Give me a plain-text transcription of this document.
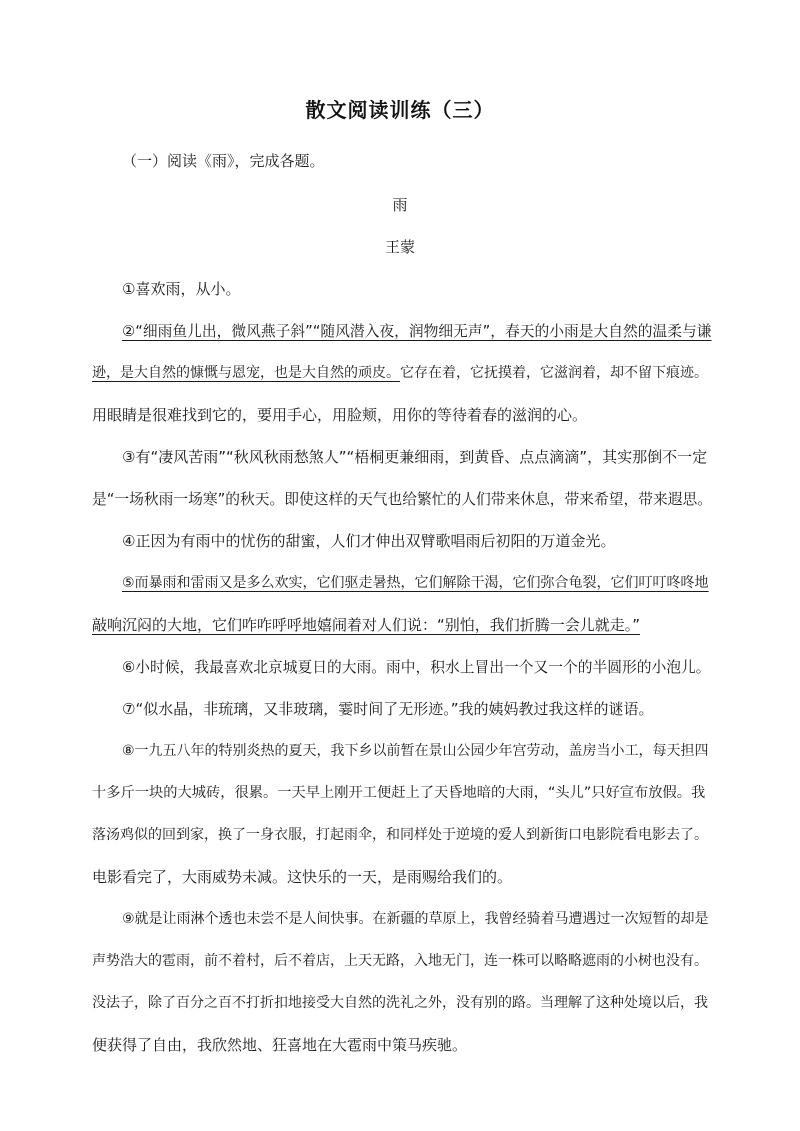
散文阅读训练（三）
（一）阅读《雨》，完成各题。
雨
王蒙
①喜欢雨，从小。
②“细雨鱼儿出，微风燕子斜”“随风潜入夜，润物细无声”，春天的小雨是大自然的温柔与谦
逊，是大自然的慷慨与恩宠，也是大自然的顽皮。它存在着，它抚摸着，它滋润着，却不留下痕迹。
用眼睛是很难找到它的，要用手心，用脸颊，用你的等待着春的滋润的心。
③有“凄风苦雨”“秋风秋雨愁煞人”“梧桐更兼细雨，到黄昏、点点滴滴”，其实那倒不一定
是“一场秋雨一场寒”的秋天。即使这样的天气也给繁忙的人们带来休息，带来希望，带来遐思。
④正因为有雨中的忧伤的甜蜜，人们才伸出双臂歌唱雨后初阳的万道金光。
⑤而暴雨和雷雨又是多么欢实，它们驱走暑热，它们解除干渴，它们弥合龟裂，它们叮叮咚咚地
敲响沉闷的大地，它们咋咋呼呼地嬉闹着对人们说：“别怕，我们折腾一会儿就走。”
⑥小时候，我最喜欢北京城夏日的大雨。雨中，积水上冒出一个又一个的半圆形的小泡儿。
⑦“似水晶，非琉璃，又非玻璃，霎时间了无形迹。”我的姨妈教过我这样的谜语。
⑧一九五八年的特别炎热的夏天，我下乡以前暂在景山公园少年宫劳动，盖房当小工，每天担四
十多斤一块的大城砖，很累。一天早上刚开工便赶上了天昏地暗的大雨，“头儿”只好宣布放假。我
落汤鸡似的回到家，换了一身衣服，打起雨伞，和同样处于逆境的爱人到新街口电影院看电影去了。
电影看完了，大雨威势未减。这快乐的一天，是雨赐给我们的。
⑨就是让雨淋个透也未尝不是人间快事。在新疆的草原上，我曾经骑着马遭遇过一次短暂的却是
声势浩大的雹雨，前不着村，后不着店，上天无路，入地无门，连一株可以略略遮雨的小树也没有。
没法子，除了百分之百不打折扣地接受大自然的洗礼之外，没有别的路。当理解了这种处境以后，我
便获得了自由，我欣然地、狂喜地在大雹雨中策马疾驰。
